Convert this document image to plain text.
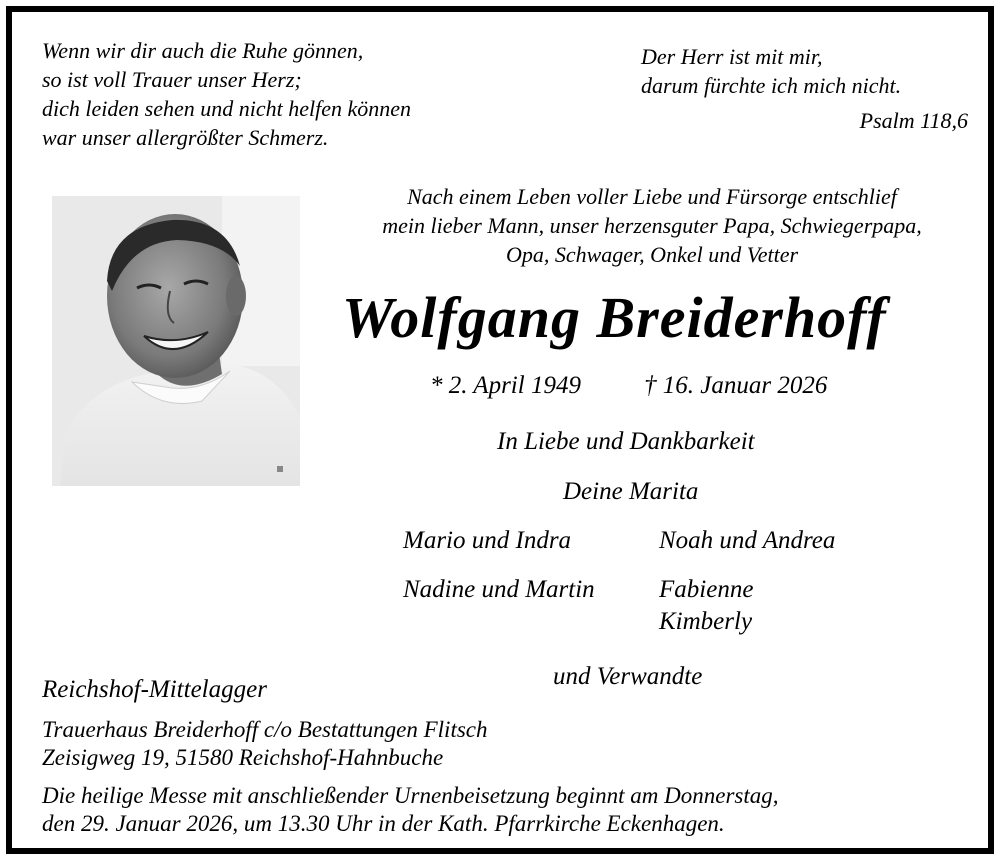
Wenn wir dir auch die Ruhe gönnen,
so ist voll Trauer unser Herz;
dich leiden sehen und nicht helfen können
war unser allergrößter Schmerz.
Der Herr ist mit mir,
darum fürchte ich mich nicht.
Psalm 118,6
Nach einem Leben voller Liebe und Fürsorge entschlief
mein lieber Mann, unser herzensguter Papa, Schwiegerpapa,
Opa, Schwager, Onkel und Vetter
Wolfgang Breiderhoff
* 2. April 1949	† 16. Januar 2026
In Liebe und Dankbarkeit
Deine Marita
Mario und Indra	Noah und Andrea
Nadine und Martin	Fabienne
Kimberly
und Verwandte
Reichshof-Mittelagger
Trauerhaus Breiderhoff c/o Bestattungen Flitsch
Zeisigweg 19, 51580 Reichshof-Hahnbuche
Die heilige Messe mit anschließender Urnenbeisetzung beginnt am Donnerstag,
den 29. Januar 2026, um 13.30 Uhr in der Kath. Pfarrkirche Eckenhagen.
